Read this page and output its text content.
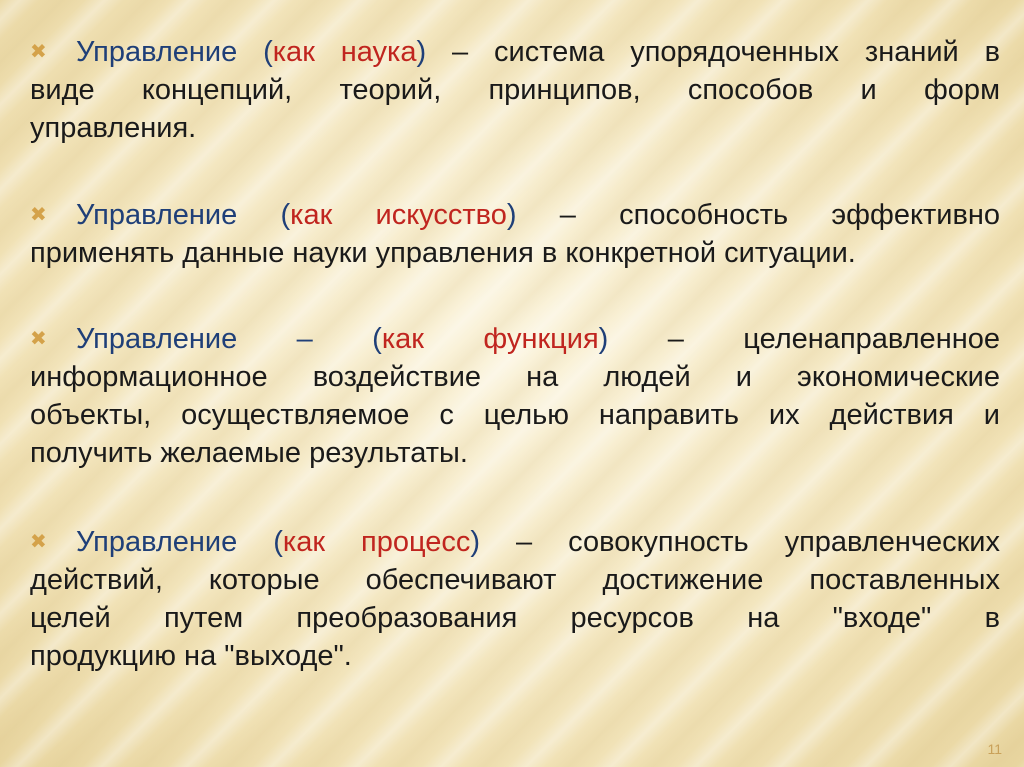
✖ Управление (как наука) – система упорядоченных знаний в
виде концепций, теорий, принципов, способов и форм
управления.
✖ Управление (как искусство) – способность эффективно
применять данные науки управления в конкретной ситуации.
✖ Управление – (как функция) – целенаправленное
информационное воздействие на людей и экономические
объекты, осуществляемое с целью направить их действия и
получить желаемые результаты.
✖ Управление (как процесс) – совокупность управленческих
действий, которые обеспечивают достижение поставленных
целей путем преобразования ресурсов на "входе" в
продукцию на "выходе".
11
